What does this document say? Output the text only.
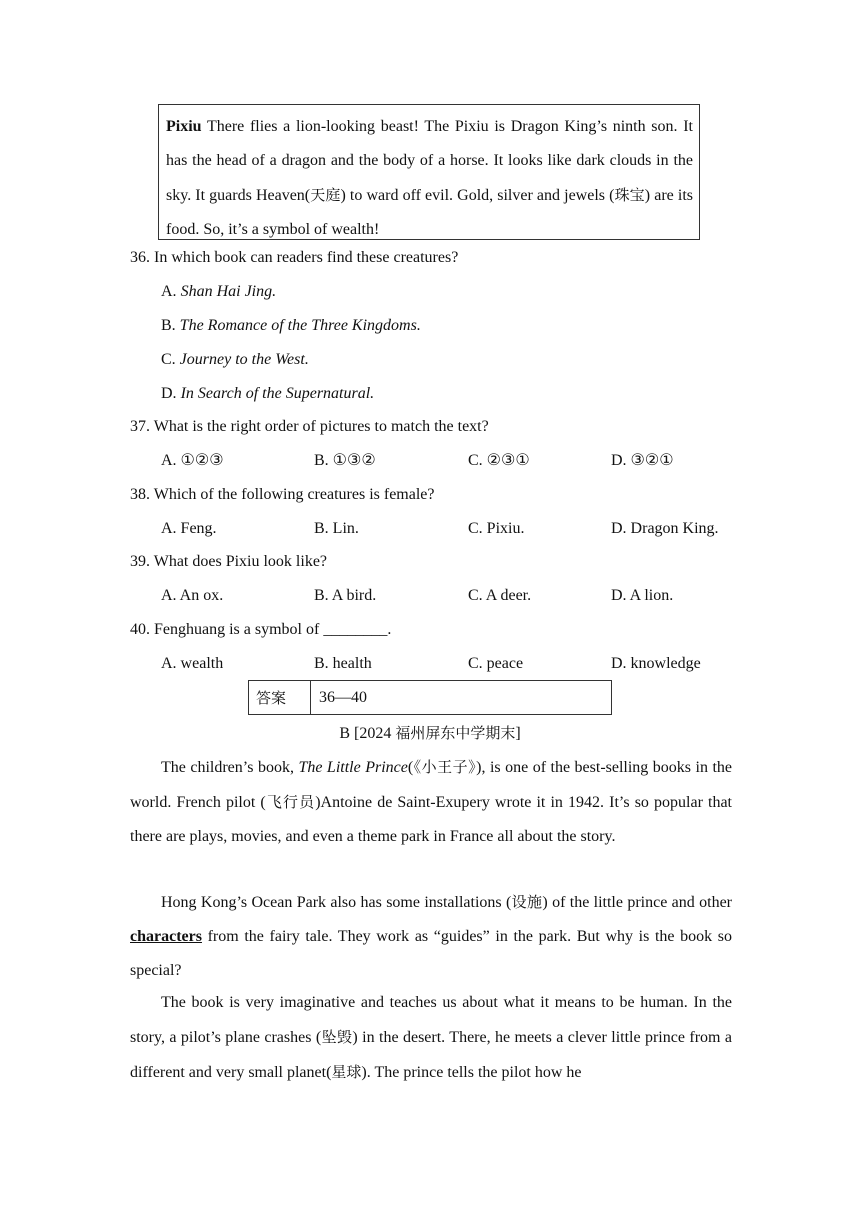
Pixiu There flies a lion-looking beast! The Pixiu is Dragon King’s ninth son. It has the head of a dragon and the body of a horse. It looks like dark clouds in the sky. It guards Heaven(天庭) to ward off evil. Gold, silver and jewels (珠宝) are its food. So, it’s a symbol of wealth!
36. In which book can readers find these creatures?
A. Shan Hai Jing.
B. The Romance of the Three Kingdoms.
C. Journey to the West.
D. In Search of the Supernatural.
37. What is the right order of pictures to match the text?
A. ①②③	B. ①③②	C. ②③①	D. ③②①
38. Which of the following creatures is female?
A. Feng.	B. Lin.	C. Pixiu.	D. Dragon King.
39. What does Pixiu look like?
A. An ox.	B. A bird.	C. A deer.	D. A lion.
40. Fenghuang is a symbol of ________.
A. wealth	B. health	C. peace	D. knowledge
答案	36—40
B [2024 福州屏东中学期末]
The children’s book, The Little Prince(《小王子》), is one of the best-selling books in the world. French pilot (飞行员)Antoine de Saint-Exupery wrote it in 1942. It’s so popular that there are plays, movies, and even a theme park in France all about the story.
Hong Kong’s Ocean Park also has some installations (设施) of the little prince and other characters from the fairy tale. They work as “guides” in the park. But why is the book so special?
The book is very imaginative and teaches us about what it means to be human. In the story, a pilot’s plane crashes (坠毁) in the desert. There, he meets a clever little prince from a different and very small planet(星球). The prince tells the pilot how he
